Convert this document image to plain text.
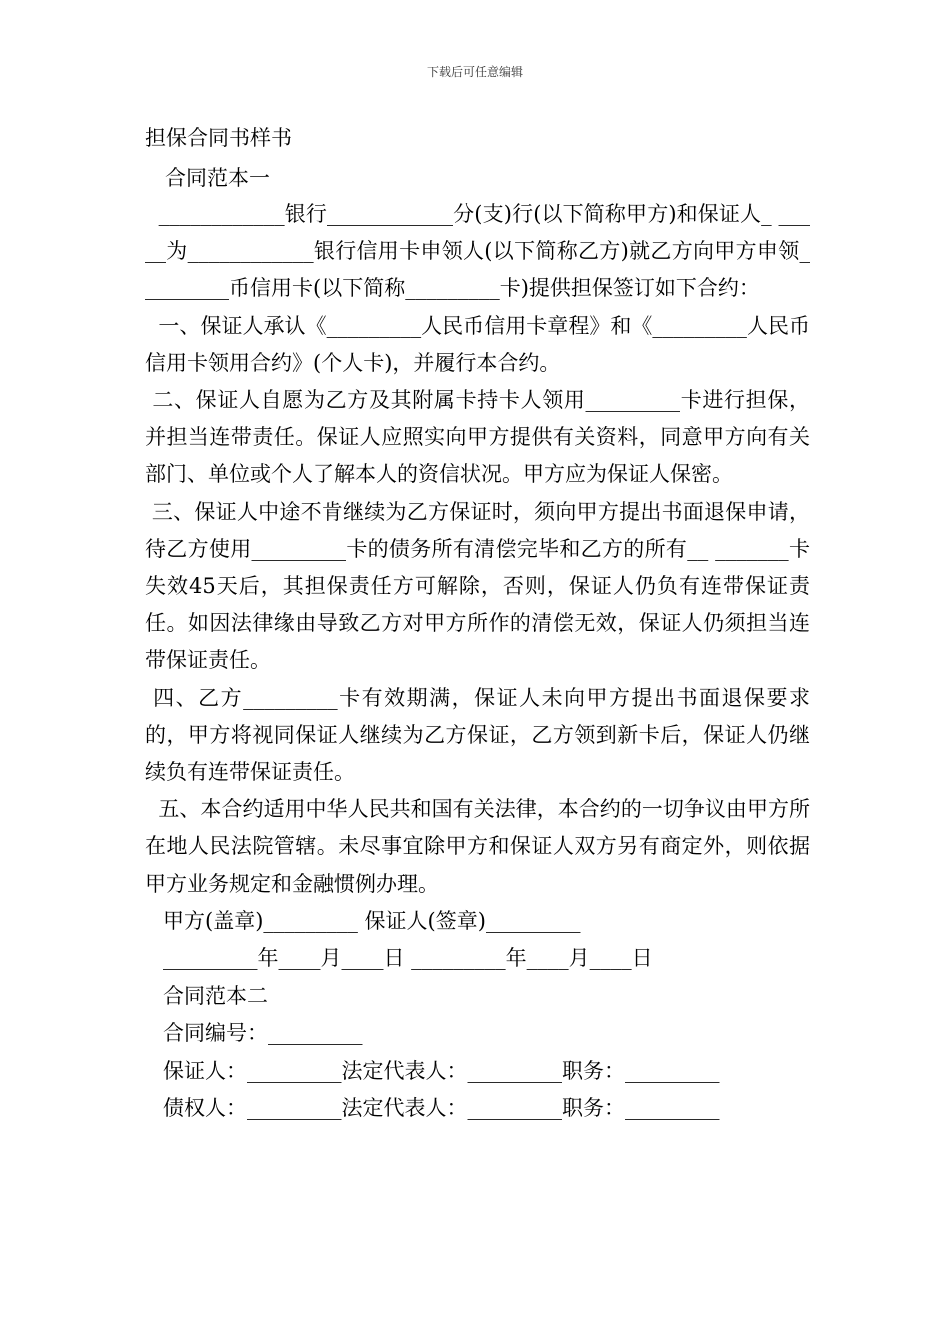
下载后可任意编辑

担保合同书样书

合同范本一

____________银行____________分(支)行(以下简称甲方)和保证人_ _____为____________银行信用卡申领人(以下简称乙方)就乙方向甲方申领_________币信用卡(以下简称_________卡)提供担保签订如下合约：

一、保证人承认《_________人民币信用卡章程》和《_________人民币信用卡领用合约》(个人卡)，并履行本合约。

二、保证人自愿为乙方及其附属卡持卡人领用_________卡进行担保，并担当连带责任。保证人应照实向甲方提供有关资料，同意甲方向有关部门、单位或个人了解本人的资信状况。甲方应为保证人保密。

三、保证人中途不肯继续为乙方保证时，须向甲方提出书面退保申请，待乙方使用_________卡的债务所有清偿完毕和乙方的所有__ _______卡失效45天后，其担保责任方可解除，否则，保证人仍负有连带保证责任。如因法律缘由导致乙方对甲方所作的清偿无效，保证人仍须担当连带保证责任。

四、乙方_________卡有效期满，保证人未向甲方提出书面退保要求的，甲方将视同保证人继续为乙方保证，乙方领到新卡后，保证人仍继续负有连带保证责任。

五、本合约适用中华人民共和国有关法律，本合约的一切争议由甲方所在地人民法院管辖。未尽事宜除甲方和保证人双方另有商定外，则依据甲方业务规定和金融惯例办理。

甲方(盖章)_________ 保证人(签章)_________

_________年____月____日 _________年____月____日

合同范本二

合同编号：_________

保证人：_________法定代表人：_________职务：_________

债权人：_________法定代表人：_________职务：_________
